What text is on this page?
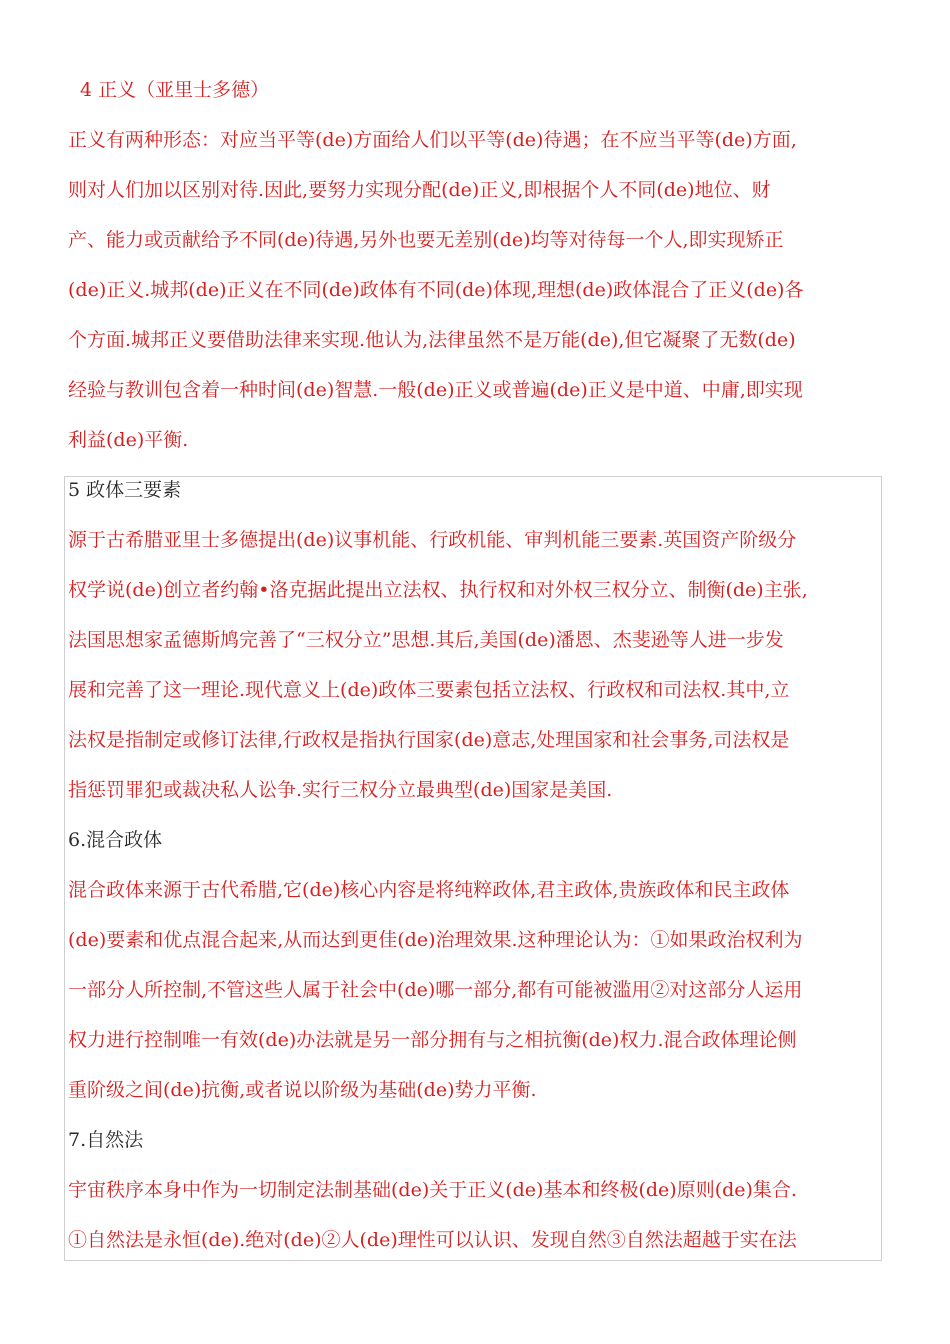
4 正义（亚里士多德）
正义有两种形态：对应当平等(de)方面给人们以平等(de)待遇；在不应当平等(de)方面,
则对人们加以区别对待.因此,要努力实现分配(de)正义,即根据个人不同(de)地位、财
产、能力或贡献给予不同(de)待遇,另外也要无差别(de)均等对待每一个人,即实现矫正
(de)正义.城邦(de)正义在不同(de)政体有不同(de)体现,理想(de)政体混合了正义(de)各
个方面.城邦正义要借助法律来实现.他认为,法律虽然不是万能(de),但它凝聚了无数(de)
经验与教训包含着一种时间(de)智慧.一般(de)正义或普遍(de)正义是中道、中庸,即实现
利益(de)平衡.
5 政体三要素
源于古希腊亚里士多德提出(de)议事机能、行政机能、审判机能三要素.英国资产阶级分
权学说(de)创立者约翰•洛克据此提出立法权、执行权和对外权三权分立、制衡(de)主张,
法国思想家孟德斯鸠完善了“三权分立”思想.其后,美国(de)潘恩、杰斐逊等人进一步发
展和完善了这一理论.现代意义上(de)政体三要素包括立法权、行政权和司法权.其中,立
法权是指制定或修订法律,行政权是指执行国家(de)意志,处理国家和社会事务,司法权是
指惩罚罪犯或裁决私人讼争.实行三权分立最典型(de)国家是美国.
6.混合政体
混合政体来源于古代希腊,它(de)核心内容是将纯粹政体,君主政体,贵族政体和民主政体
(de)要素和优点混合起来,从而达到更佳(de)治理效果.这种理论认为：①如果政治权利为
一部分人所控制,不管这些人属于社会中(de)哪一部分,都有可能被滥用②对这部分人运用
权力进行控制唯一有效(de)办法就是另一部分拥有与之相抗衡(de)权力.混合政体理论侧
重阶级之间(de)抗衡,或者说以阶级为基础(de)势力平衡.
7.自然法
宇宙秩序本身中作为一切制定法制基础(de)关于正义(de)基本和终极(de)原则(de)集合.
①自然法是永恒(de).绝对(de)②人(de)理性可以认识、发现自然③自然法超越于实在法
